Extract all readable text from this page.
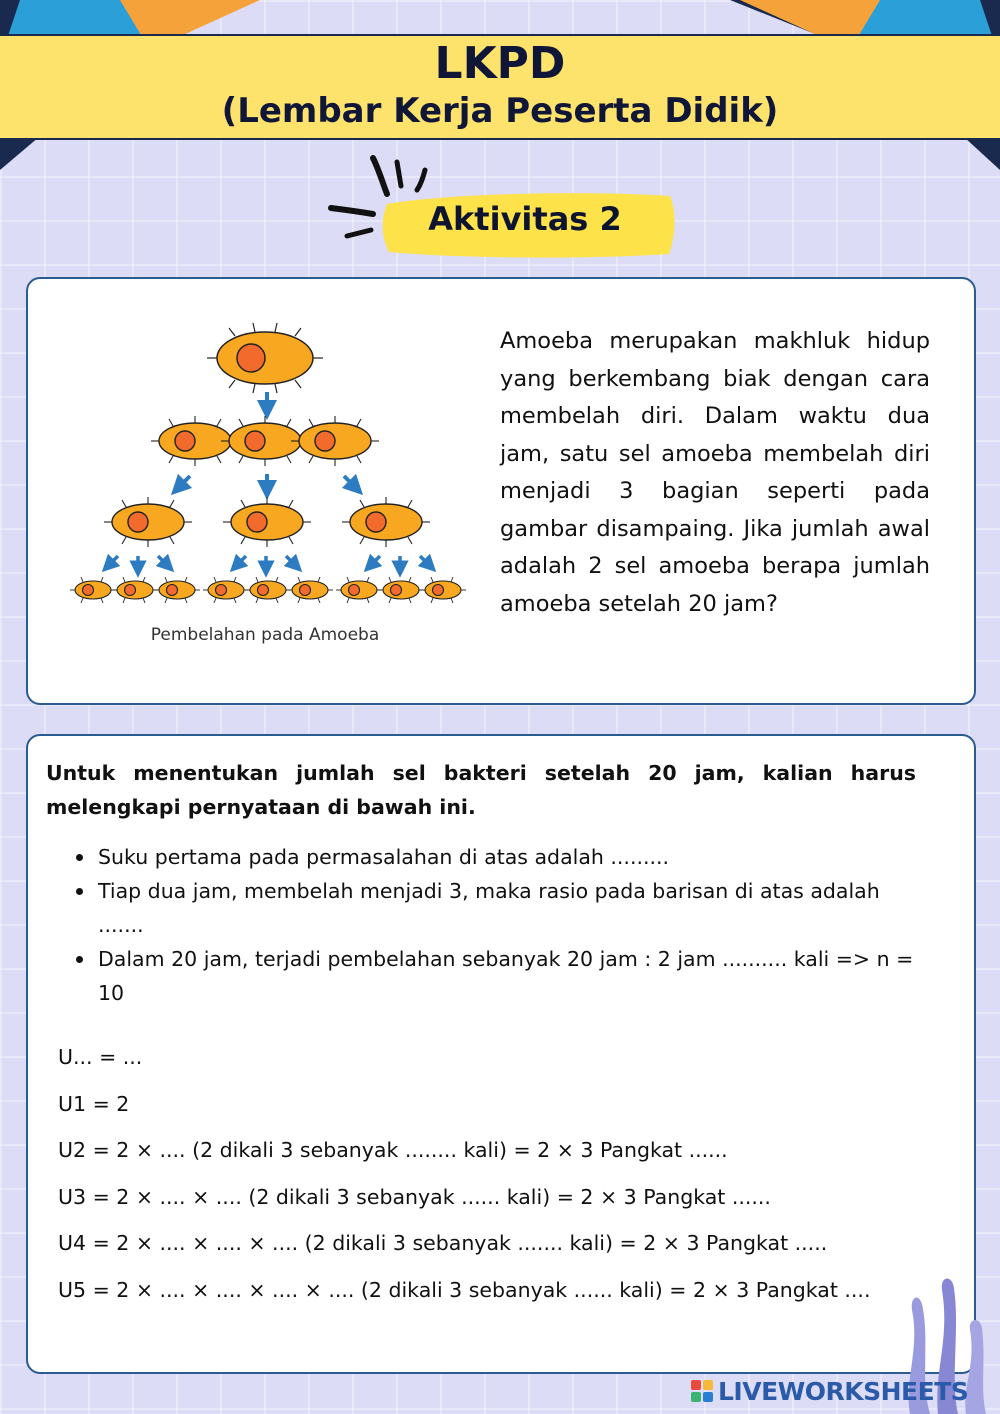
LKPD
(Lembar Kerja Peserta Didik)
Aktivitas 2
Pembelahan pada Amoeba
Amoeba merupakan makhluk hidup yang berkembang biak dengan cara membelah diri. Dalam waktu dua jam, satu sel amoeba membelah diri menjadi 3 bagian seperti pada gambar disampaing. Jika jumlah awal adalah 2 sel amoeba berapa jumlah amoeba setelah 20 jam?
Untuk menentukan jumlah sel bakteri setelah 20 jam, kalian harus melengkapi pernyataan di bawah ini.
Suku pertama pada permasalahan di atas adalah .........
Tiap dua jam, membelah menjadi 3, maka rasio pada barisan di atas adalah .......
Dalam 20 jam, terjadi pembelahan sebanyak 20 jam : 2 jam .......... kali => n = 10
U... = ...
U1 = 2
U2 = 2 × .... (2 dikali 3 sebanyak ........ kali) = 2 × 3 Pangkat ......
U3 = 2 × .... × .... (2 dikali 3 sebanyak ...... kali) = 2 × 3 Pangkat ......
U4 = 2 × .... × .... × .... (2 dikali 3 sebanyak ....... kali) = 2 × 3 Pangkat .....
U5 = 2 × .... × .... × .... × .... (2 dikali 3 sebanyak ...... kali) = 2 × 3 Pangkat ....
LIVEWORKSHEETS
